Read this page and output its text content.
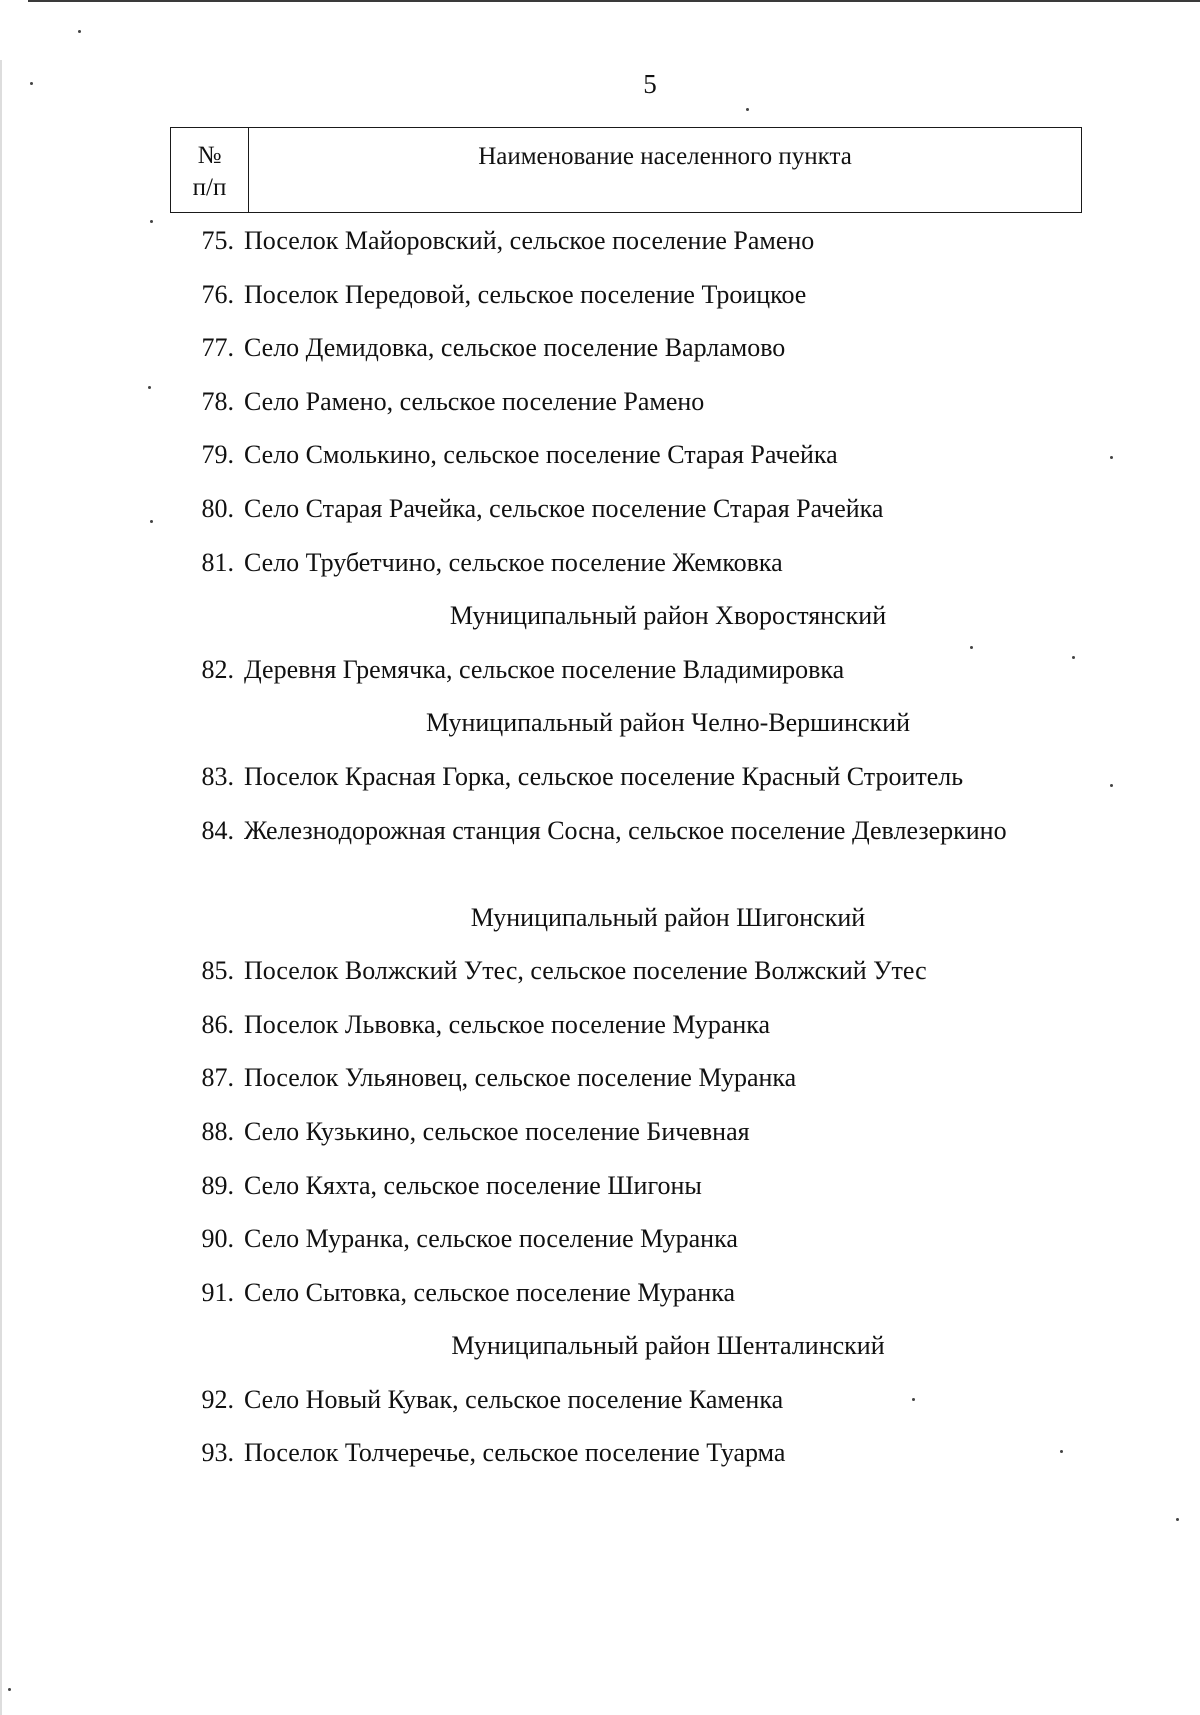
5
№
п/п
Наименование населенного пункта
75. Поселок Майоровский, сельское поселение Рамено
76. Поселок Передовой, сельское поселение Троицкое
77. Село Демидовка, сельское поселение Варламово
78. Село Рамено, сельское поселение Рамено
79. Село Смолькино, сельское поселение Старая Рачейка
80. Село Старая Рачейка, сельское поселение Старая Рачейка
81. Село Трубетчино, сельское поселение Жемковка
Муниципальный район Хворостянский
82. Деревня Гремячка, сельское поселение Владимировка
Муниципальный район Челно-Вершинский
83. Поселок Красная Горка, сельское поселение Красный Строитель
84. Железнодорожная станция Сосна, сельское поселение Девлезеркино
Муниципальный район Шигонский
85. Поселок Волжский Утес, сельское поселение Волжский Утес
86. Поселок Львовка, сельское поселение Муранка
87. Поселок Ульяновец, сельское поселение Муранка
88. Село Кузькино, сельское поселение Бичевная
89. Село Кяхта, сельское поселение Шигоны
90. Село Муранка, сельское поселение Муранка
91. Село Сытовка, сельское поселение Муранка
Муниципальный район Шенталинский
92. Село Новый Кувак, сельское поселение Каменка
93. Поселок Толчеречье, сельское поселение Туарма
